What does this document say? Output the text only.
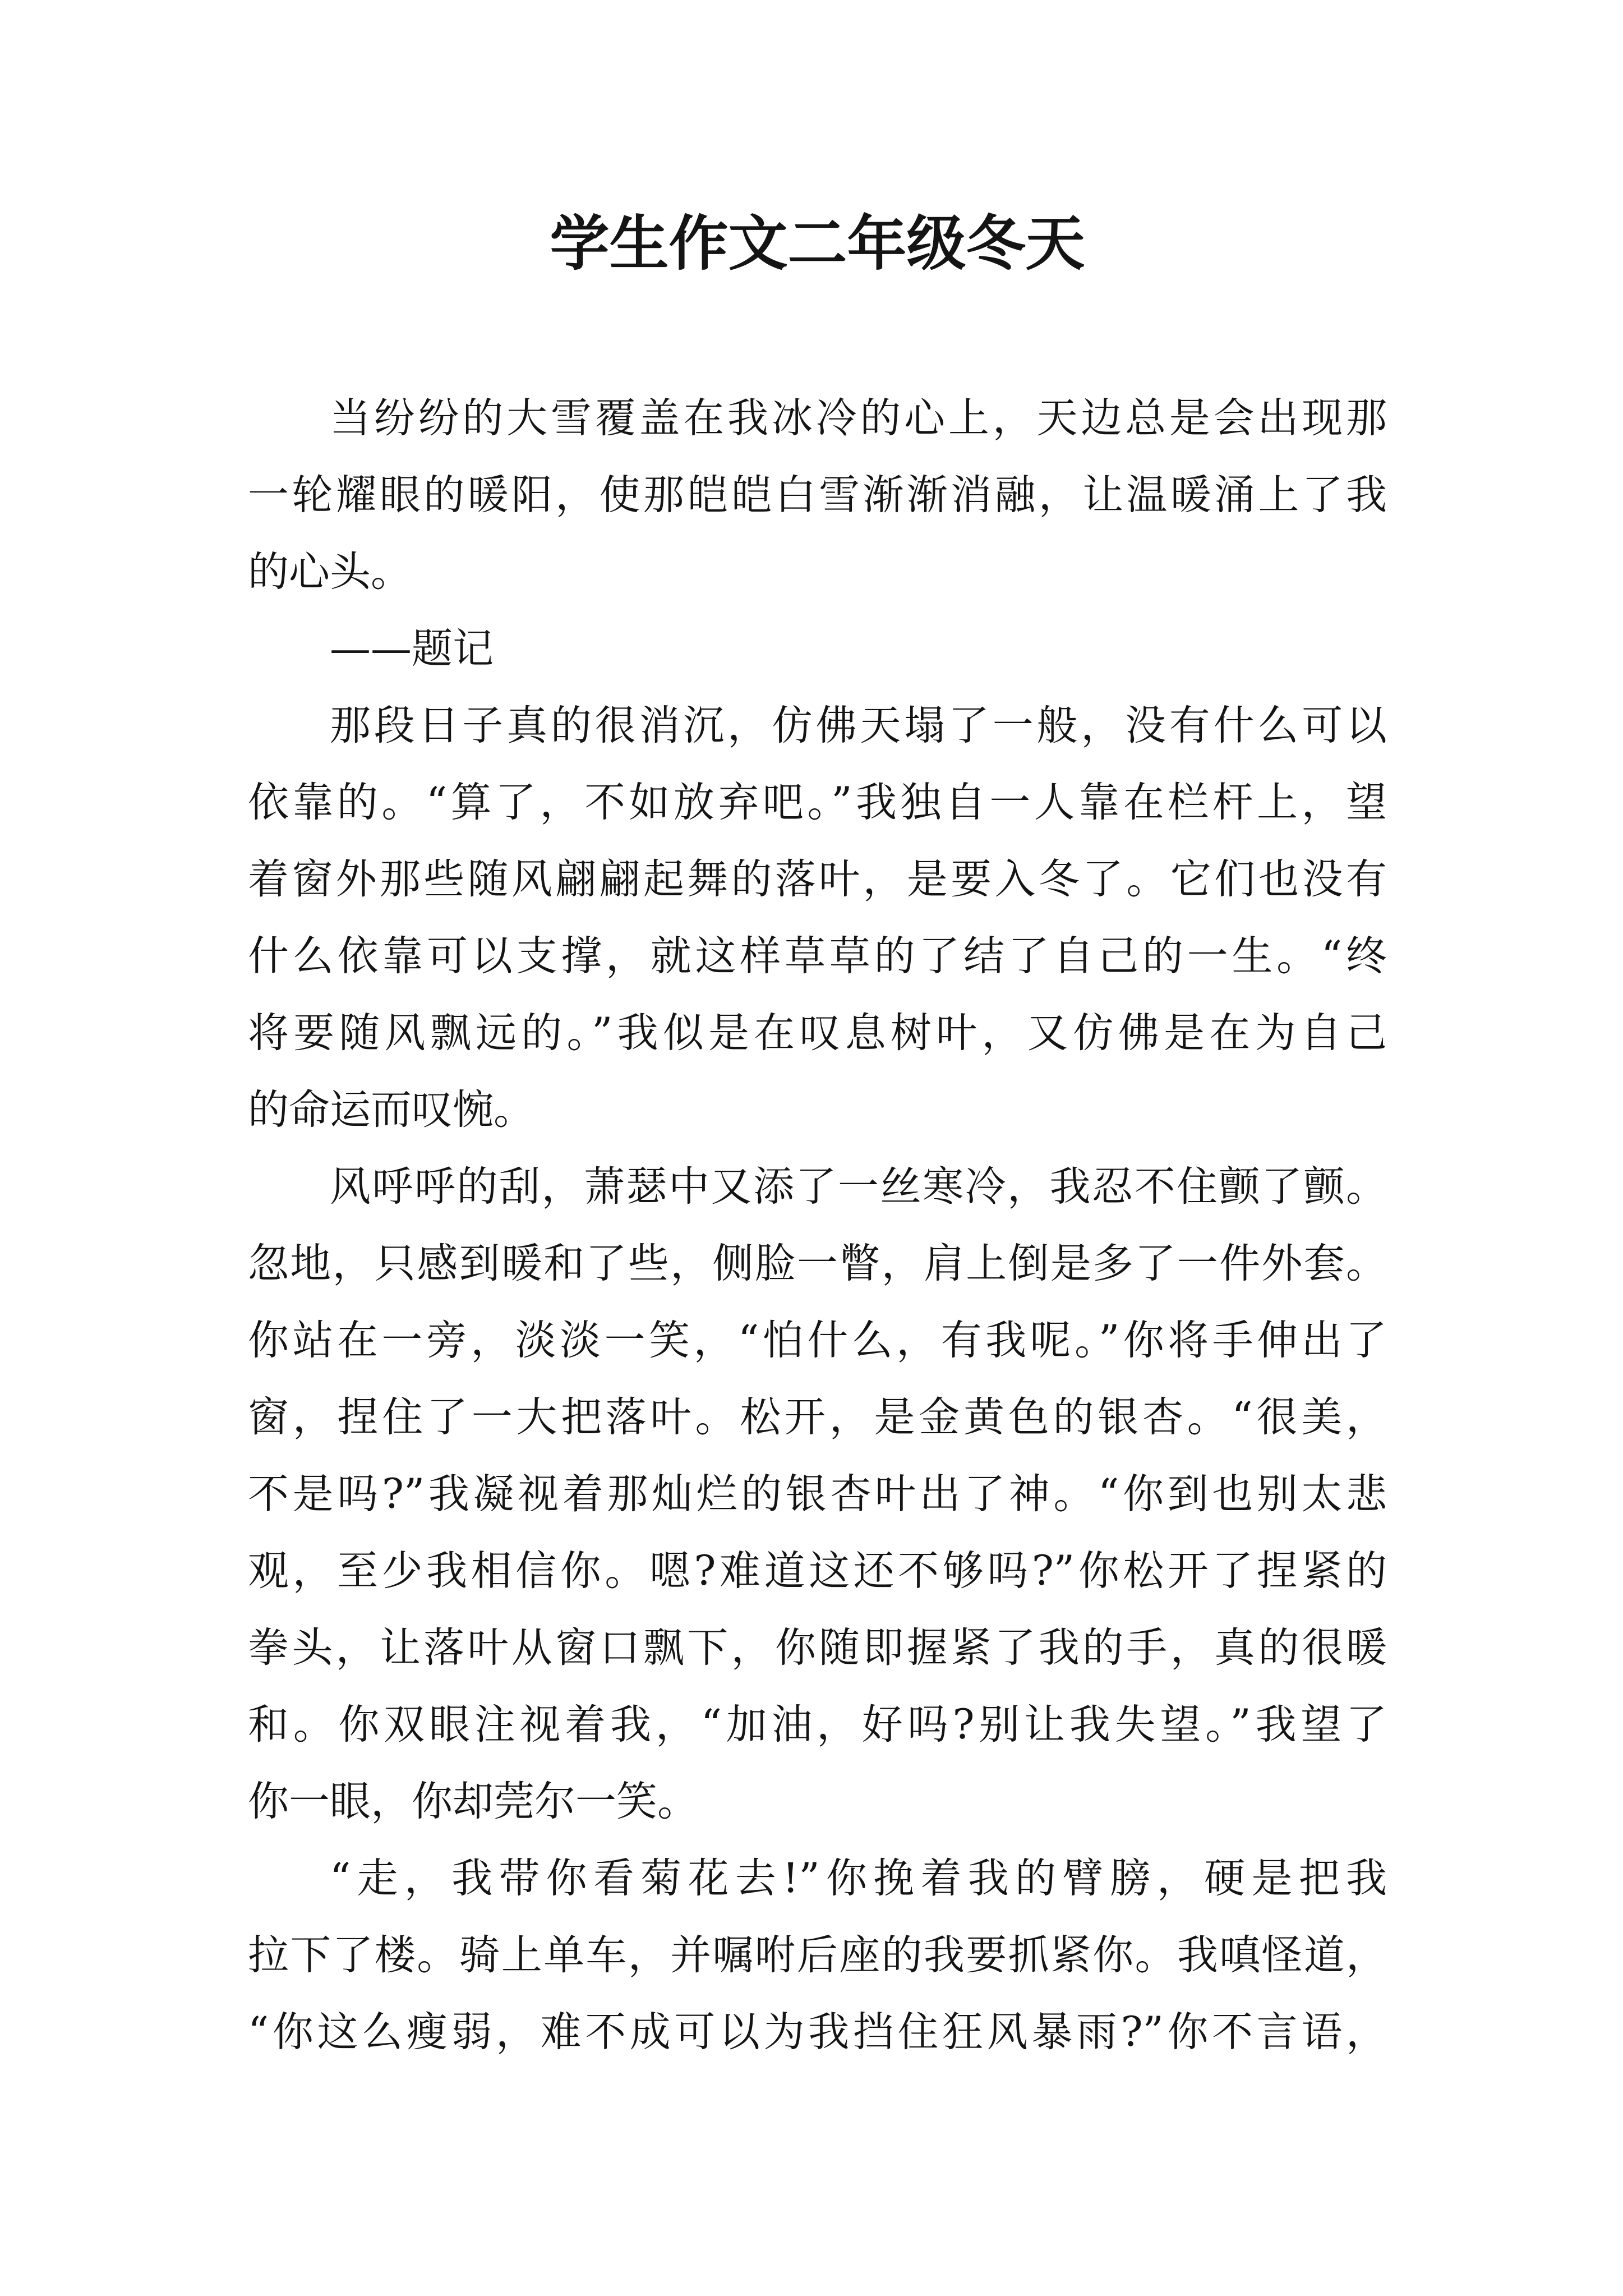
学生作文二年级冬天
当纷纷的大雪覆盖在我冰冷的心上，天边总是会出现那
一轮耀眼的暖阳，使那皑皑白雪渐渐消融，让温暖涌上了我
的心头。
——题记
那段日子真的很消沉，仿佛天塌了一般，没有什么可以
依靠的。“算了，不如放弃吧。”我独自一人靠在栏杆上，望
着窗外那些随风翩翩起舞的落叶，是要入冬了。它们也没有
什么依靠可以支撑，就这样草草的了结了自己的一生。“终
将要随风飘远的。”我似是在叹息树叶，又仿佛是在为自己
的命运而叹惋。
风呼呼的刮，萧瑟中又添了一丝寒冷，我忍不住颤了颤。
忽地，只感到暖和了些，侧脸一瞥，肩上倒是多了一件外套。
你站在一旁，淡淡一笑，“怕什么，有我呢。”你将手伸出了
窗，捏住了一大把落叶。松开，是金黄色的银杏。“很美，
不是吗?”我凝视着那灿烂的银杏叶出了神。“你到也别太悲
观，至少我相信你。嗯?难道这还不够吗?”你松开了捏紧的
拳头，让落叶从窗口飘下，你随即握紧了我的手，真的很暖
和。你双眼注视着我，“加油，好吗?别让我失望。”我望了
你一眼，你却莞尔一笑。
“走，我带你看菊花去!”你挽着我的臂膀，硬是把我
拉下了楼。骑上单车，并嘱咐后座的我要抓紧你。我嗔怪道，
“你这么瘦弱，难不成可以为我挡住狂风暴雨?”你不言语，
